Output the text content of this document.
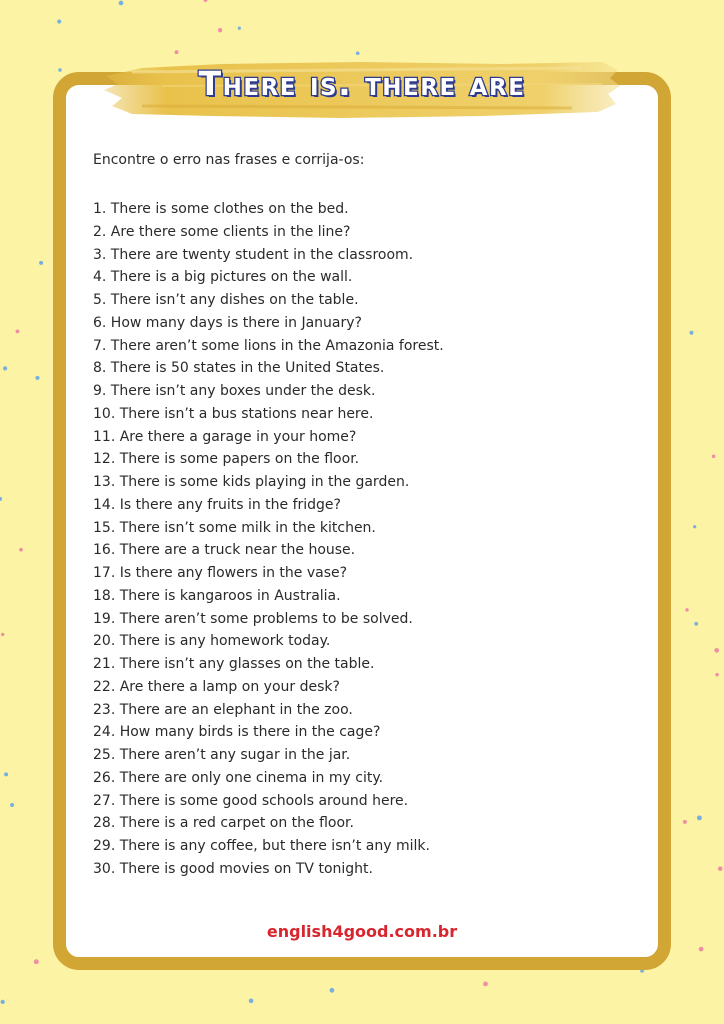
There is. there are
Encontre o erro nas frases e corrija-os:
1. There is some clothes on the bed.
2. Are there some clients in the line?
3. There are twenty student in the classroom.
4. There is a big pictures on the wall.
5. There isn’t any dishes on the table.
6. How many days is there in January?
7. There aren’t some lions in the Amazonia forest.
8. There is 50 states in the United States.
9. There isn’t any boxes under the desk.
10. There isn’t a bus stations near here.
11. Are there a garage in your home?
12. There is some papers on the floor.
13. There is some kids playing in the garden.
14. Is there any fruits in the fridge?
15. There isn’t some milk in the kitchen.
16. There are a truck near the house.
17. Is there any flowers in the vase?
18. There is kangaroos in Australia.
19. There aren’t some problems to be solved.
20. There is any homework today.
21. There isn’t any glasses on the table.
22. Are there a lamp on your desk?
23. There are an elephant in the zoo.
24. How many birds is there in the cage?
25. There aren’t any sugar in the jar.
26. There are only one cinema in my city.
27. There is some good schools around here.
28. There is a red carpet on the floor.
29. There is any coffee, but there isn’t any milk.
30. There is good movies on TV tonight.
english4good.com.br
